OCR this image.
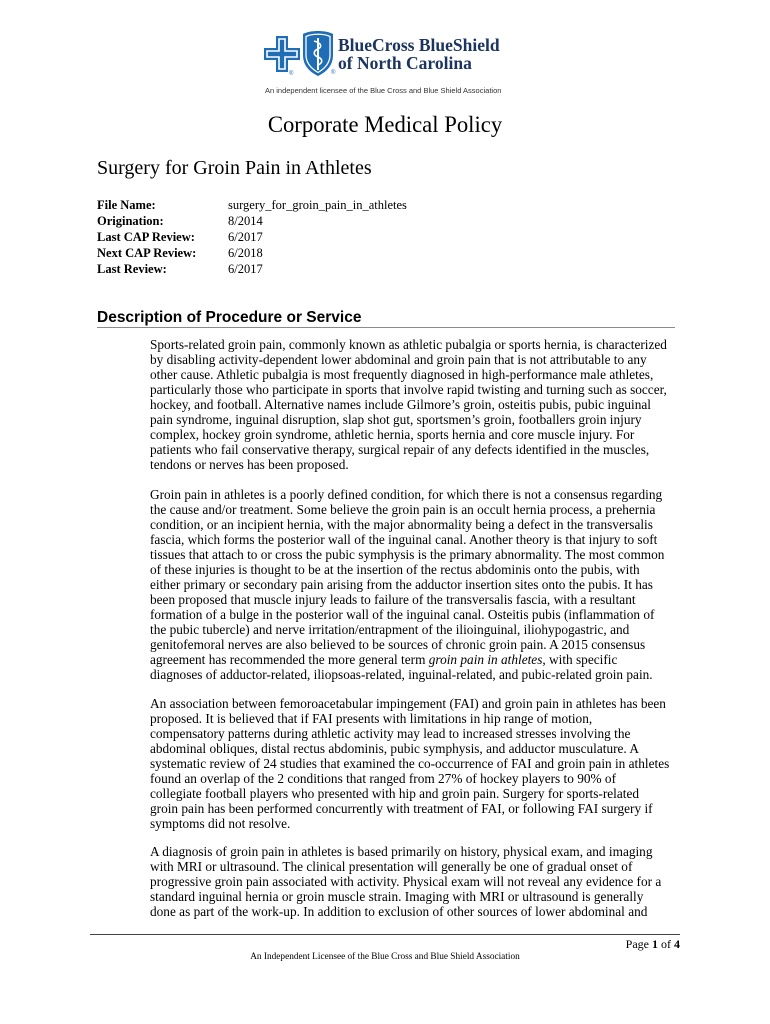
®	®
BlueCross BlueShield
of North Carolina
An independent licensee of the Blue Cross and Blue Shield Association
Corporate Medical Policy
Surgery for Groin Pain in Athletes
File Name:	surgery_for_groin_pain_in_athletes
Origination:	8/2014
Last CAP Review:	6/2017
Next CAP Review:	6/2018
Last Review:	6/2017
Description of Procedure or Service
Sports-related groin pain, commonly known as athletic pubalgia or sports hernia, is characterized
by disabling activity-dependent lower abdominal and groin pain that is not attributable to any
other cause. Athletic pubalgia is most frequently diagnosed in high-performance male athletes,
particularly those who participate in sports that involve rapid twisting and turning such as soccer,
hockey, and football. Alternative names include Gilmore’s groin, osteitis pubis, pubic inguinal
pain syndrome, inguinal disruption, slap shot gut, sportsmen’s groin, footballers groin injury
complex, hockey groin syndrome, athletic hernia, sports hernia and core muscle injury. For
patients who fail conservative therapy, surgical repair of any defects identified in the muscles,
tendons or nerves has been proposed.
Groin pain in athletes is a poorly defined condition, for which there is not a consensus regarding
the cause and/or treatment. Some believe the groin pain is an occult hernia process, a prehernia
condition, or an incipient hernia, with the major abnormality being a defect in the transversalis
fascia, which forms the posterior wall of the inguinal canal. Another theory is that injury to soft
tissues that attach to or cross the pubic symphysis is the primary abnormality. The most common
of these injuries is thought to be at the insertion of the rectus abdominis onto the pubis, with
either primary or secondary pain arising from the adductor insertion sites onto the pubis. It has
been proposed that muscle injury leads to failure of the transversalis fascia, with a resultant
formation of a bulge in the posterior wall of the inguinal canal. Osteitis pubis (inflammation of
the pubic tubercle) and nerve irritation/entrapment of the ilioinguinal, iliohypogastric, and
genitofemoral nerves are also believed to be sources of chronic groin pain. A 2015 consensus
agreement has recommended the more general term groin pain in athletes, with specific
diagnoses of adductor-related, iliopsoas-related, inguinal-related, and pubic-related groin pain.
An association between femoroacetabular impingement (FAI) and groin pain in athletes has been
proposed. It is believed that if FAI presents with limitations in hip range of motion,
compensatory patterns during athletic activity may lead to increased stresses involving the
abdominal obliques, distal rectus abdominis, pubic symphysis, and adductor musculature. A
systematic review of 24 studies that examined the co-occurrence of FAI and groin pain in athletes
found an overlap of the 2 conditions that ranged from 27% of hockey players to 90% of
collegiate football players who presented with hip and groin pain. Surgery for sports-related
groin pain has been performed concurrently with treatment of FAI, or following FAI surgery if
symptoms did not resolve.
A diagnosis of groin pain in athletes is based primarily on history, physical exam, and imaging
with MRI or ultrasound. The clinical presentation will generally be one of gradual onset of
progressive groin pain associated with activity. Physical exam will not reveal any evidence for a
standard inguinal hernia or groin muscle strain. Imaging with MRI or ultrasound is generally
done as part of the work-up. In addition to exclusion of other sources of lower abdominal and
Page 1 of 4
An Independent Licensee of the Blue Cross and Blue Shield Association
